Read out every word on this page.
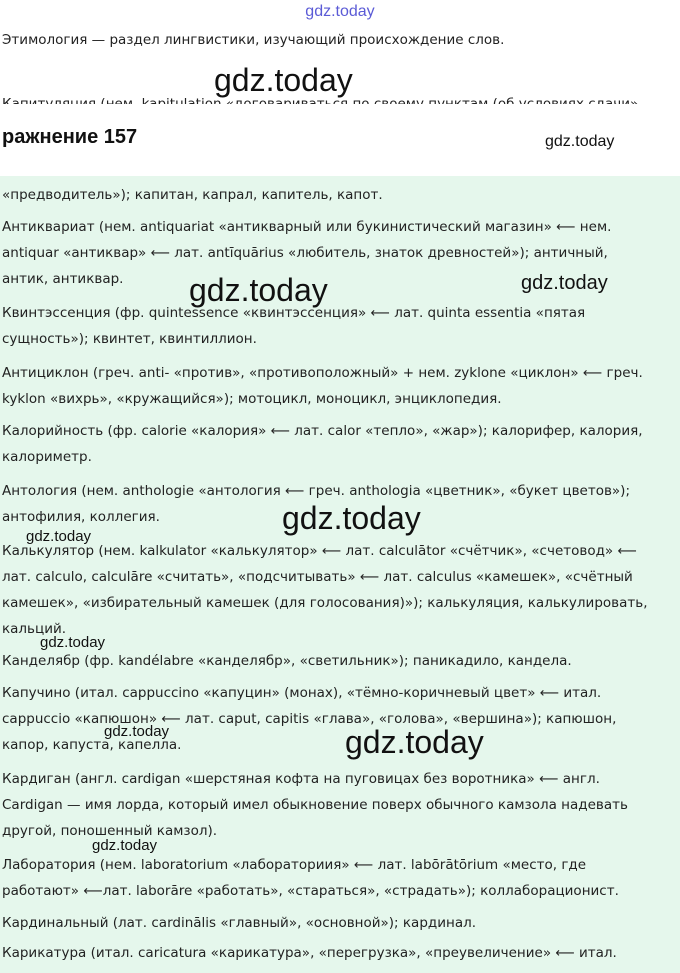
gdz.today
Этимология — раздел лингвистики, изучающий происхождение слов.
gdz.today
ражнение 157	gdz.today
«предводитель»); капитан, капрал, капитель, капот.
Антиквариат (нем. antiquariat «антикварный или букинистический магазин» ⟵ нем.
antiquar «антиквар» ⟵ лат. antīquārius «любитель, знаток древностей»); античный,
антик, антиквар.
Квинтэссенция (фр. quintessence «квинтэссенция» ⟵ лат. quinta essentia «пятая
сущность»); квинтет, квинтиллион.
Антициклон (греч. anti- «против», «противоположный» + нем. zyklone «циклон» ⟵ греч.
kyklon «вихрь», «кружащийся»); мотоцикл, моноцикл, энциклопедия.
Калорийность (фр. calorie «калория» ⟵ лат. calor «тепло», «жар»); калорифер, калория,
калориметр.
Антология (нем. anthologie «антология ⟵ греч. anthologia «цветник», «букет цветов»);
антофилия, коллегия.
Калькулятор (нем. kalkulator «калькулятор» ⟵ лат. calculātor «счётчик», «счетовод» ⟵
лат. calculo, calculāre «считать», «подсчитывать» ⟵ лат. calculus «камешек», «счётный
камешек», «избирательный камешек (для голосования)»); калькуляция, калькулировать,
кальций.
Канделябр (фр. kandélabre «канделябр», «светильник»); паникадило, кандела.
Капучино (итал. cappuccino «капуцин» (монах), «тёмно-коричневый цвет» ⟵ итал.
cappuccio «капюшон» ⟵ лат. caput, capitis «глава», «голова», «вершина»); капюшон,
капор, капуста, капелла.
Кардиган (англ. cardigan «шерстяная кофта на пуговицах без воротника» ⟵ англ.
Cardigan — имя лорда, который имел обыкновение поверх обычного камзола надевать
другой, поношенный камзол).
Лаборатория (нем. laboratorium «лабораториия» ⟵ лат. labōrātōrium «место, где
работают» ⟵лат. laborāre «работать», «стараться», «страдать»); коллаборационист.
Кардинальный (лат. cardinālis «главный», «основной»); кардинал.
Карикатура (итал. caricatura «карикатура», «перегрузка», «преувеличение» ⟵ итал.
gdz.today	gdz.today
gdz.today
gdz.today
gdz.today
gdz.today	gdz.today
gdz.today
